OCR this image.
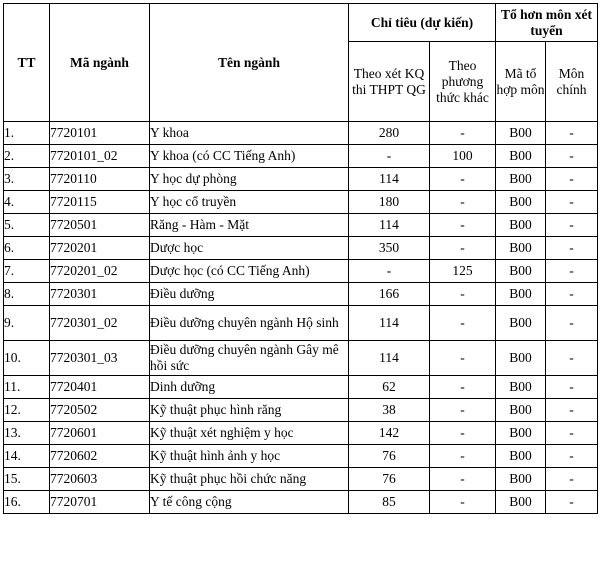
TT	Mã ngành	Tên ngành	Chỉ tiêu (dự kiến)		Tổ hơn môn xét tuyển	
			Theo xét KQ thi THPT QG	Theo phương thức khác	Mã tổ hợp môn	Môn chính
1.	7720101	Y khoa	280	-	B00	-
2.	7720101_02	Y khoa (có CC Tiếng Anh)	-	100	B00	-
3.	7720110	Y học dự phòng	114	-	B00	-
4.	7720115	Y học cổ truyền	180	-	B00	-
5.	7720501	Răng - Hàm - Mặt	114	-	B00	-
6.	7720201	Dược học	350	-	B00	-
7.	7720201_02	Dược học (có CC Tiếng Anh)	-	125	B00	-
8.	7720301	Điều dưỡng	166	-	B00	-
9.	7720301_02	Điều dưỡng chuyên ngành Hộ sinh	114	-	B00	-
10.	7720301_03	Điều dưỡng chuyên ngành Gây mê hồi sức	114	-	B00	-
11.	7720401	Dinh dưỡng	62	-	B00	-
12.	7720502	Kỹ thuật phục hình răng	38	-	B00	-
13.	7720601	Kỹ thuật xét nghiệm y học	142	-	B00	-
14.	7720602	Kỹ thuật hình ảnh y học	76	-	B00	-
15.	7720603	Kỹ thuật phục hồi chức năng	76	-	B00	-
16.	7720701	Y tế công cộng	85	-	B00	-
